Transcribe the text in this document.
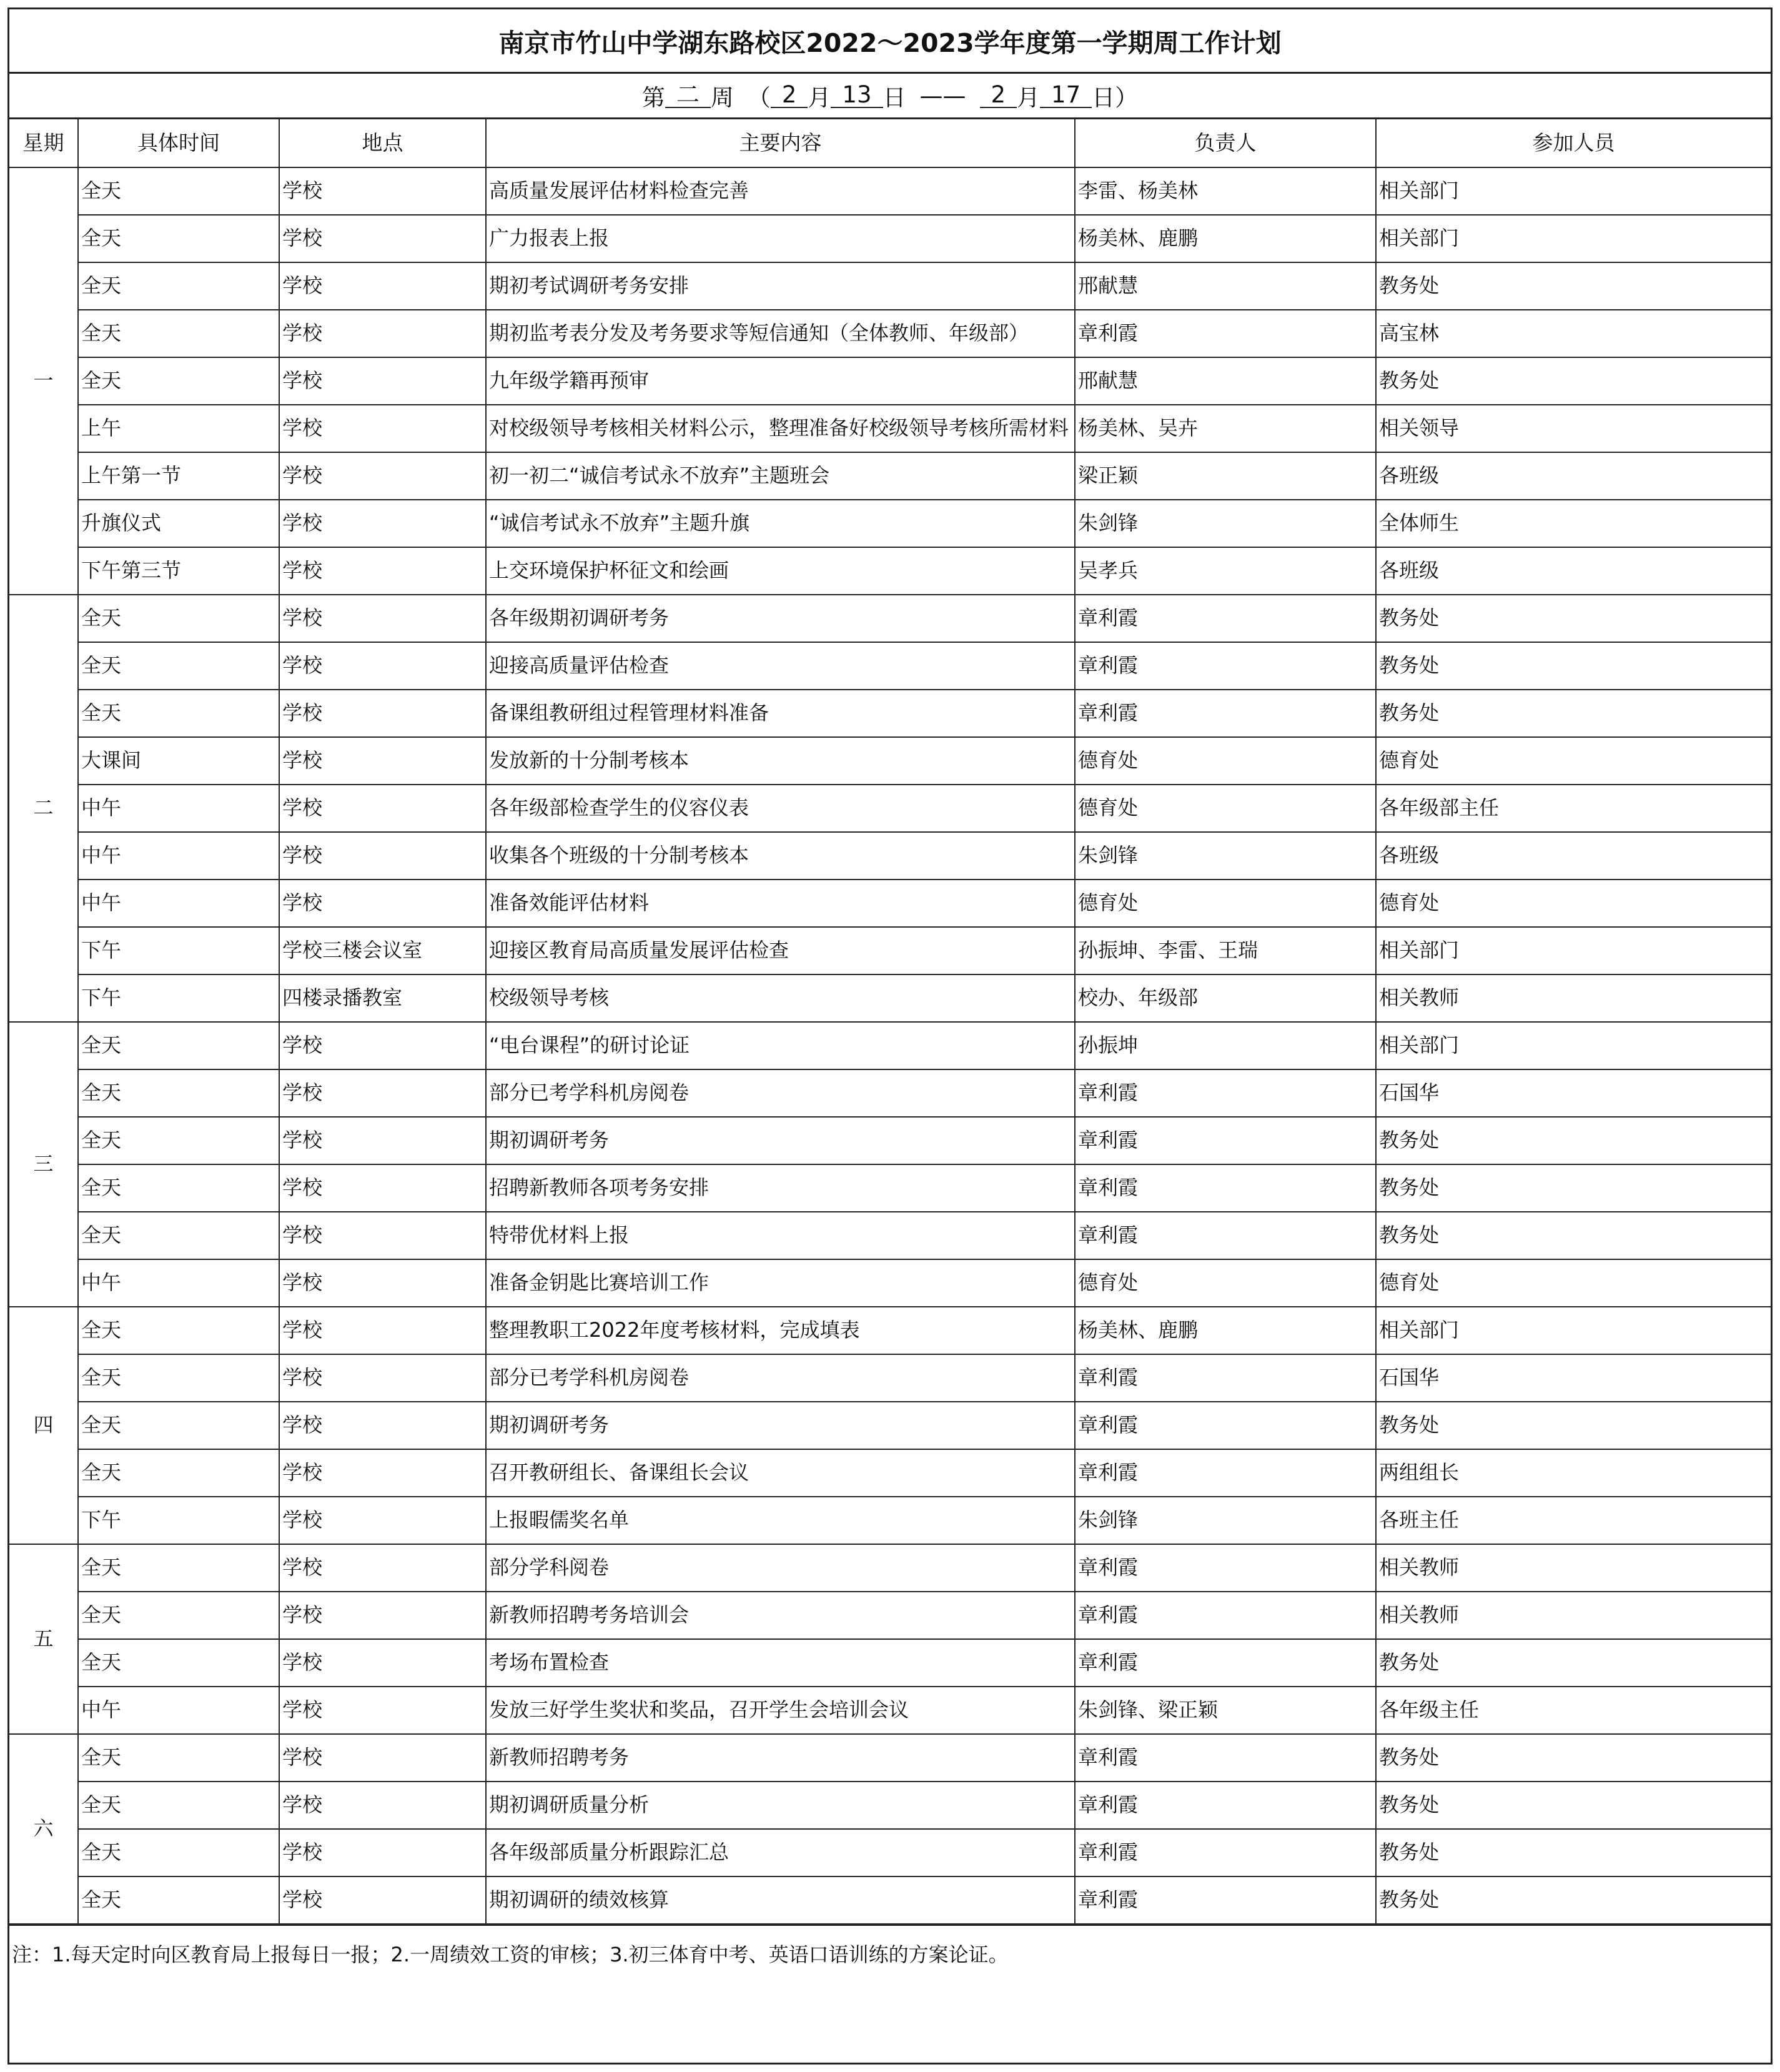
南京市竹山中学湖东路校区2022～2023学年度第一学期周工作计划
第 二 周 （ 2 月 13 日 ——	2 月 17 日）
星期	具体时间	地点	主要内容	负责人	参加人员
一	全天	学校	高质量发展评估材料检查完善	李雷、杨美林	相关部门
	全天	学校	广力报表上报	杨美林、鹿鹏	相关部门
	全天	学校	期初考试调研考务安排	邢献慧	教务处
	全天	学校	期初监考表分发及考务要求等短信通知（全体教师、年级部）	章利霞	高宝林
	全天	学校	九年级学籍再预审	邢献慧	教务处
	上午	学校	对校级领导考核相关材料公示，整理准备好校级领导考核所需材料	杨美林、吴卉	相关领导
	上午第一节	学校	初一初二“诚信考试永不放弃”主题班会	梁正颖	各班级
	升旗仪式	学校	“诚信考试永不放弃”主题升旗	朱剑锋	全体师生
	下午第三节	学校	上交环境保护杯征文和绘画	吴孝兵	各班级
二	全天	学校	各年级期初调研考务	章利霞	教务处
	全天	学校	迎接高质量评估检查	章利霞	教务处
	全天	学校	备课组教研组过程管理材料准备	章利霞	教务处
	大课间	学校	发放新的十分制考核本	德育处	德育处
	中午	学校	各年级部检查学生的仪容仪表	德育处	各年级部主任
	中午	学校	收集各个班级的十分制考核本	朱剑锋	各班级
	中午	学校	准备效能评估材料	德育处	德育处
	下午	学校三楼会议室	迎接区教育局高质量发展评估检查	孙振坤、李雷、王瑞	相关部门
	下午	四楼录播教室	校级领导考核	校办、年级部	相关教师
三	全天	学校	“电台课程”的研讨论证	孙振坤	相关部门
	全天	学校	部分已考学科机房阅卷	章利霞	石国华
	全天	学校	期初调研考务	章利霞	教务处
	全天	学校	招聘新教师各项考务安排	章利霞	教务处
	全天	学校	特带优材料上报	章利霞	教务处
	中午	学校	准备金钥匙比赛培训工作	德育处	德育处
四	全天	学校	整理教职工2022年度考核材料，完成填表	杨美林、鹿鹏	相关部门
	全天	学校	部分已考学科机房阅卷	章利霞	石国华
	全天	学校	期初调研考务	章利霞	教务处
	全天	学校	召开教研组长、备课组长会议	章利霞	两组组长
	下午	学校	上报暇儒奖名单	朱剑锋	各班主任
五	全天	学校	部分学科阅卷	章利霞	相关教师
	全天	学校	新教师招聘考务培训会	章利霞	相关教师
	全天	学校	考场布置检查	章利霞	教务处
	中午	学校	发放三好学生奖状和奖品，召开学生会培训会议	朱剑锋、梁正颖	各年级主任
六	全天	学校	新教师招聘考务	章利霞	教务处
	全天	学校	期初调研质量分析	章利霞	教务处
	全天	学校	各年级部质量分析跟踪汇总	章利霞	教务处
	全天	学校	期初调研的绩效核算	章利霞	教务处
注：1.每天定时向区教育局上报每日一报；2.一周绩效工资的审核；3.初三体育中考、英语口语训练的方案论证。
